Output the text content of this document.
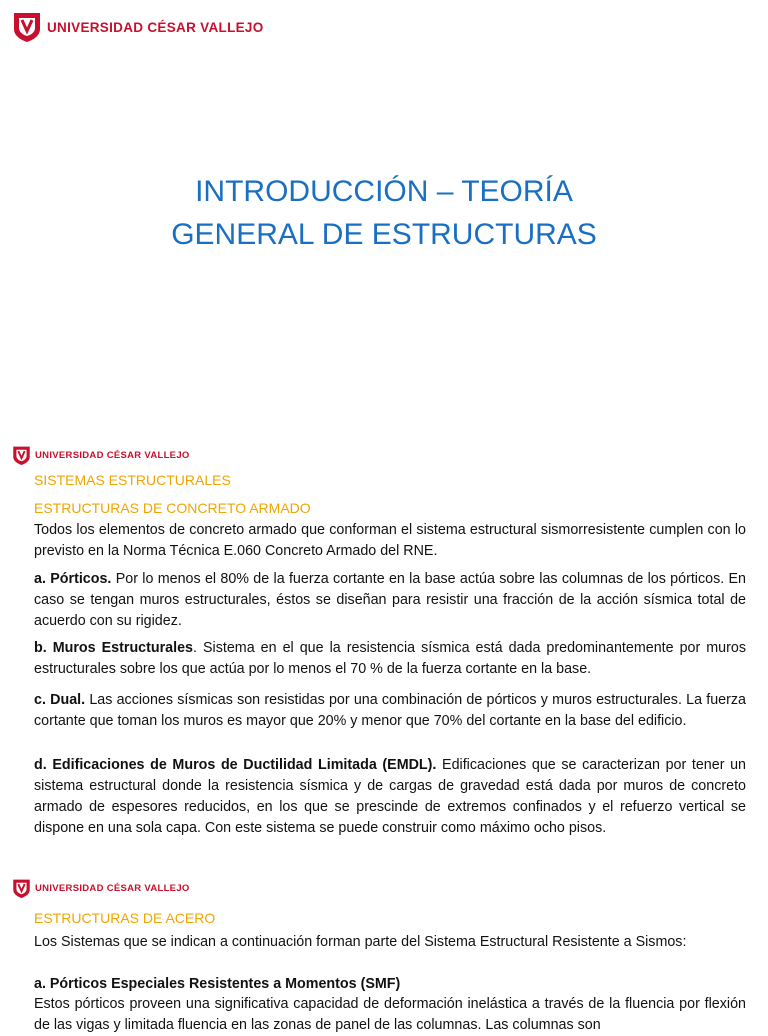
UNIVERSIDAD CÉSAR VALLEJO
INTRODUCCIÓN – TEORÍA
GENERAL DE ESTRUCTURAS
UNIVERSIDAD CÉSAR VALLEJO
SISTEMAS ESTRUCTURALES
ESTRUCTURAS DE CONCRETO ARMADO
Todos los elementos de concreto armado que conforman el sistema estructural sismorresistente cumplen con lo previsto en la Norma Técnica E.060 Concreto Armado del RNE.
a. Pórticos. Por lo menos el 80% de la fuerza cortante en la base actúa sobre las columnas de los pórticos. En caso se tengan muros estructurales, éstos se diseñan para resistir una fracción de la acción sísmica total de acuerdo con su rigidez.
b. Muros Estructurales. Sistema en el que la resistencia sísmica está dada predominantemente por muros estructurales sobre los que actúa por lo menos el 70 % de la fuerza cortante en la base.
c. Dual. Las acciones sísmicas son resistidas por una combinación de pórticos y muros estructurales. La fuerza cortante que toman los muros es mayor que 20% y menor que 70% del cortante en la base del edificio.
d. Edificaciones de Muros de Ductilidad Limitada (EMDL). Edificaciones que se caracterizan por tener un sistema estructural donde la resistencia sísmica y de cargas de gravedad está dada por muros de concreto armado de espesores reducidos, en los que se prescinde de extremos confinados y el refuerzo vertical se dispone en una sola capa. Con este sistema se puede construir como máximo ocho pisos.
UNIVERSIDAD CÉSAR VALLEJO
ESTRUCTURAS DE ACERO
Los Sistemas que se indican a continuación forman parte del Sistema Estructural Resistente a Sismos:
a. Pórticos Especiales Resistentes a Momentos (SMF)
Estos pórticos proveen una significativa capacidad de deformación inelástica a través de la fluencia por flexión de las vigas y limitada fluencia en las zonas de panel de las columnas. Las columnas son
